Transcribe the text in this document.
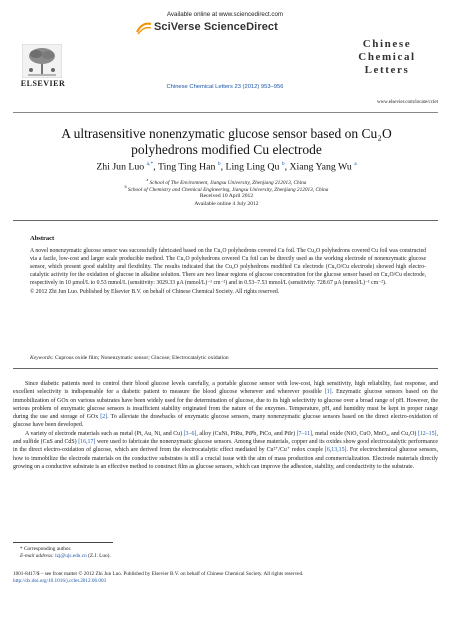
ELSEVIER
Available online at www.sciencedirect.com
SciVerse ScienceDirect
Chinese Chemical Letters 23 (2012) 953–956
Chinese
Chemical
Letters
www.elsevier.com/locate/cclet
A ultrasensitive nonenzymatic glucose sensor based on Cu₂O
polyhedrons modified Cu electrode
Zhi Jun Luo $^{a,*}$, Ting Ting Han $^b$, Ling Ling Qu $^b$, Xiang Yang Wu $^a$
$^a$ School of The Environment, Jiangsu University, Zhenjiang 212013, China
$^b$ School of Chemistry and Chemical Engineering, Jiangsu University, Zhenjiang 212013, China
Received 10 April 2012
Available online 4 July 2012
Abstract
A novel nonenzymatic glucose sensor was successfully fabricated based on the Cu₂O polyhedrons covered Cu foil. The Cu₂O polyhedrons covered Cu foil was constructed via a facile, low-cost and larger scale producible method. The Cu₂O polyhedrons covered Cu foil can be directly used as the working electrode of nonenzymatic glucose sensor, which present good stability and flexibility. The results indicated that the Cu₂O polyhedrons modified Cu electrode (Cu₂O/Cu electrode) showed high electro-catalytic activity for the oxidation of glucose in alkaline solution. There are two linear regions of glucose concentration for the glucose sensor based on Cu₂O/Cu electrode, respectively in 10 μmol/L to 0.53 mmol/L (sensitivity: 3029.33 μA (mmol/L)⁻¹ cm⁻²) and in 0.53–7.53 mmol/L (sensitivity: 728.67 μA (mmol/L)⁻¹ cm⁻²).
© 2012 Zhi Jun Luo. Published by Elsevier B.V. on behalf of Chinese Chemical Society. All rights reserved.
Keywords: Cuprous oxide film; Nonenzymatic sensor; Glucose; Electrocatalytic oxidation

Since diabetic patients need to control their blood glucose levels carefully, a portable glucose sensor with low-cost, high sensitivity, high reliability, fast response, and excellent selectivity is indispensable for a diabetic patient to measure the blood glucose whenever and wherever possible [1]. Enzymatic glucose sensors based on the immobilization of GOx on various substrates have been widely used for the determination of glucose, due to its high selectivity to glucose over a broad range of pH. However, the serious problem of enzymatic glucose sensors is insufficient stability originated from the nature of the enzymes. Temperature, pH, and humidity must be kept in proper range during the use and storage of GOx [2]. To alleviate the drawbacks of enzymatic glucose sensors, many nonenzymatic glucose sensors based on the direct electro-oxidation of glucose have been developed.

A variety of electrode materials such as metal (Pt, Au, Ni, and Cu) [3–6], alloy (CuNi, PtRu, PtPb, PtCo, and PtIr) [7–11], metal oxide (NiO, CuO, MnO₂, and Cu₂O) [12–15], and sulfide (CuS and CdS) [16,17] were used to fabricate the nonenzymatic glucose sensors. Among these materials, copper and its oxides show good electrocatalytic performance in the direct electro-oxidation of glucose, which are derived from the electrocatalytic effect mediated by Cu²⁺/Cu⁺ redox couple [6,13,15]. For electrochemical glucose sensors, how to immobilize the electrode materials on the conductive substrates is still a crucial issue with the aim of mass production and commercialization. Electrode materials directly growing on a conductive substrate is an effective method to construct film as glucose sensors, which can improve the adhesion, stability, and conductivity to the substrate.

* Corresponding author.
E-mail address: lzj@ujs.edu.cn (Z.J. Luo).
1001-8417/$ – see front matter © 2012 Zhi Jun Luo. Published by Elsevier B.V. on behalf of Chinese Chemical Society. All rights reserved.
http://dx.doi.org/10.1016/j.cclet.2012.06.003
